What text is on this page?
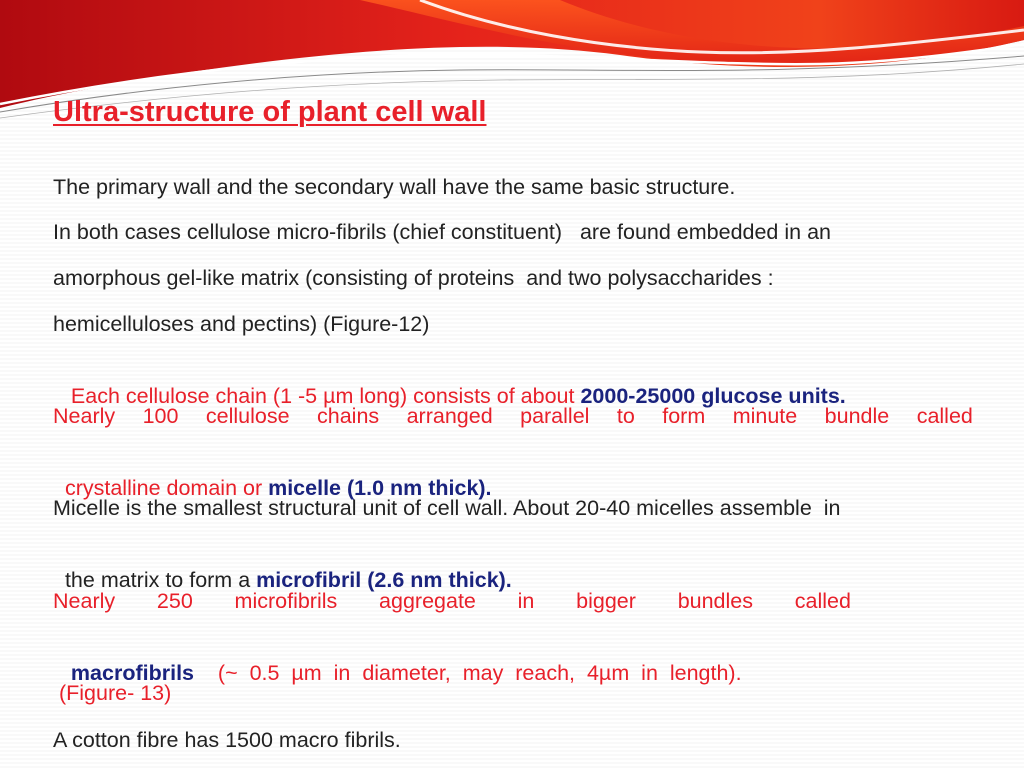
Ultra-structure of plant cell wall
The primary wall and the secondary wall have the same basic structure.
In both cases cellulose micro-fibrils (chief constituent)   are found embedded in an
amorphous gel-like matrix (consisting of proteins  and two polysaccharides :
hemicelluloses and pectins) (Figure-12)

Each cellulose chain (1 -5 µm long) consists of about 2000-25000 glucose units.

Nearly 100 cellulose chains arranged parallel to form minute bundle called

crystalline domain or micelle (1.0 nm thick).

Micelle is the smallest structural unit of cell wall. About 20-40 micelles assemble  in

the matrix to form a microfibril (2.6 nm thick).

Nearly 250 microfibrils aggregate in bigger bundles called

macrofibrils (~  0.5  µm  in  diameter,  may  reach,  4µm  in  length).

(Figure- 13)
A cotton fibre has 1500 macro fibrils.
